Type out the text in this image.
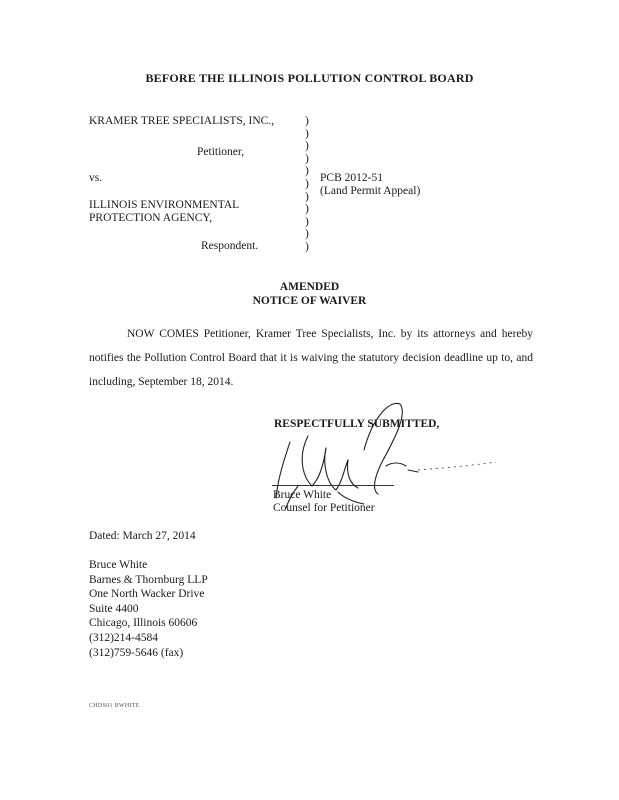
BEFORE THE ILLINOIS POLLUTION CONTROL BOARD
KRAMER TREE SPECIALISTS, INC.,
Petitioner,
vs.
ILLINOIS ENVIRONMENTAL
PROTECTION AGENCY,
Respondent.
)
)
)
)
)
)
)
)
)
)
)
PCB 2012-51
(Land Permit Appeal)
AMENDED
NOTICE OF WAIVER

NOW COMES Petitioner, Kramer Tree Specialists, Inc. by its attorneys and hereby notifies the Pollution Control Board that it is waiving the statutory decision deadline up to, and including, September 18, 2014.

RESPECTFULLY SUBMITTED,
Bruce White
Counsel for Petitioner
Dated: March 27, 2014
Bruce White
Barnes & Thornburg LLP
One North Wacker Drive
Suite 4400
Chicago, Illinois 60606
(312)214-4584
(312)759-5646 (fax)
CHDS01 BWHITE
